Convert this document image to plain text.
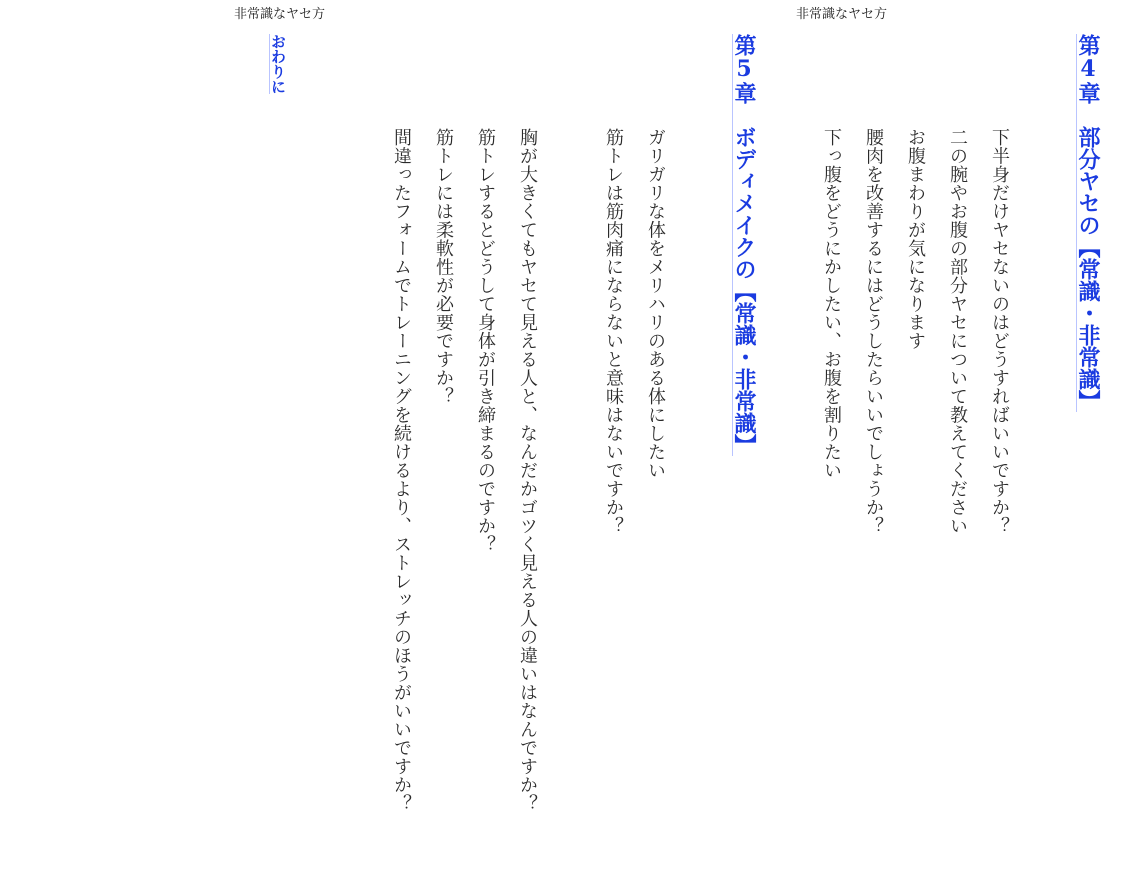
非常識なヤセ方
おわりに
非常識なヤセ方
第4章　部分ヤセの【常識・非常識】
下半身だけヤセないのはどうすればいいですか？
二の腕やお腹の部分ヤセについて教えてください
お腹まわりが気になります
腰肉を改善するにはどうしたらいいでしょうか？
下っ腹をどうにかしたい、お腹を割りたい
第5章　ボディメイクの【常識・非常識】
ガリガリな体をメリハリのある体にしたい
筋トレは筋肉痛にならないと意味はないですか？
胸が大きくてもヤセて見える人と、なんだかゴツく見える人の違いはなんですか？
筋トレするとどうして身体が引き締まるのですか？
筋トレには柔軟性が必要ですか？
間違ったフォームでトレーニングを続けるより、ストレッチのほうがいいですか？
